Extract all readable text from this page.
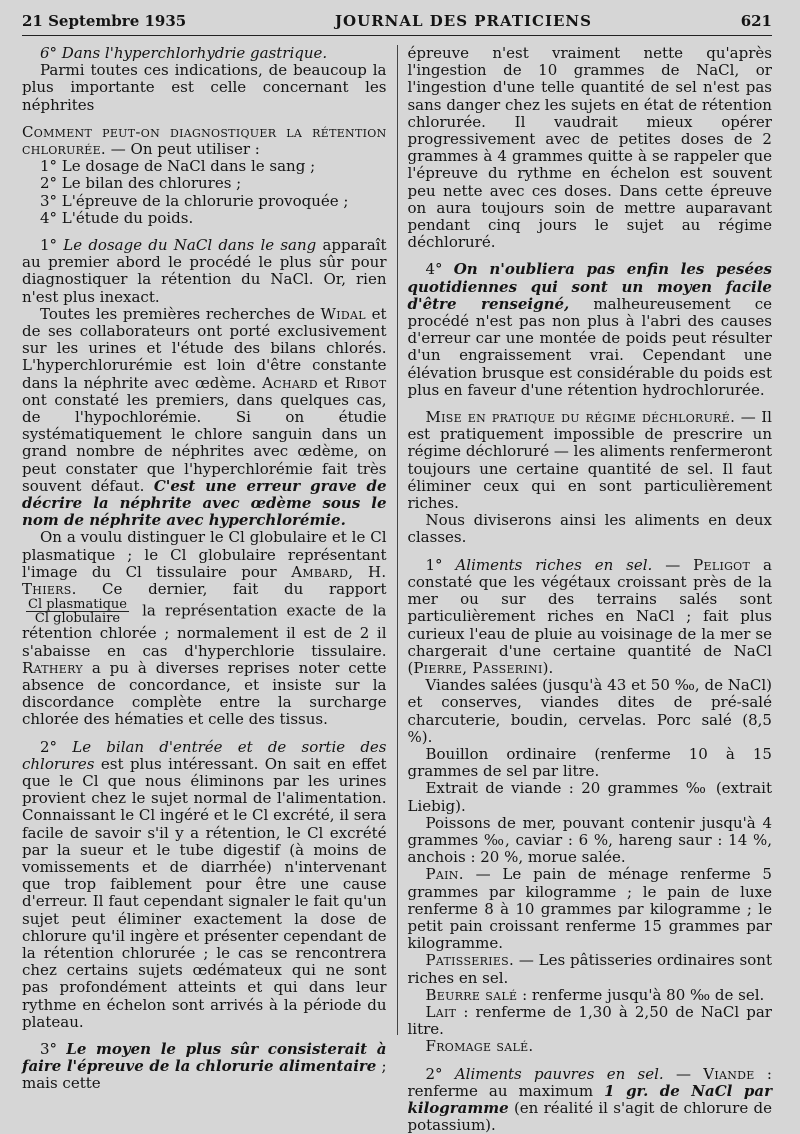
21 Septembre 1935	JOURNAL DES PRATICIENS	621

6° Dans l'hyperchlorhydrie gastrique.

Parmi toutes ces indications, de beaucoup la plus importante est celle concernant les néphrites

Comment peut-on diagnostiquer la rétention chlorurée. — On peut utiliser :

1° Le dosage de NaCl dans le sang ;

2° Le bilan des chlorures ;

3° L'épreuve de la chlorurie provoquée ;

4° L'étude du poids.

1° Le dosage du NaCl dans le sang apparaît au premier abord le procédé le plus sûr pour diagnostiquer la rétention du NaCl. Or, rien n'est plus inexact.

Toutes les premières recherches de Widal et de ses collaborateurs ont porté exclusivement sur les urines et l'étude des bilans chlorés. L'hyperchlorurémie est loin d'être constante dans la néphrite avec œdème. Achard et Ribot ont constaté les premiers, dans quelques cas, de l'hypochlorémie. Si on étudie systématiquement le chlore sanguin dans un grand nombre de néphrites avec œdème, on peut constater que l'hyperchlorémie fait très souvent défaut. C'est une erreur grave de décrire la néphrite avec œdème sous le nom de néphrite avec hyperchlorémie.

On a voulu distinguer le Cl globulaire et le Cl plasmatique ; le Cl globulaire représentant l'image du Cl tissulaire pour Ambard, H. Thiers. Ce dernier, fait du rapport
$\frac{\text{Cl plasmatique}}{\text{Cl globulaire}}$ la représentation exacte de la rétention chlorée ; normalement il est de 2 il s'abaisse en cas d'hyperchlorie tissulaire. Rathery a pu à diverses reprises noter cette absence de concordance, et insiste sur la discordance complète entre la surcharge chlorée des hématies et celle des tissus.

2° Le bilan d'entrée et de sortie des chlorures est plus intéressant. On sait en effet que le Cl que nous éliminons par les urines provient chez le sujet normal de l'alimentation. Connaissant le Cl ingéré et le Cl excrété, il sera facile de savoir s'il y a rétention, le Cl excrété par la sueur et le tube digestif (à moins de vomissements et de diarrhée) n'intervenant que trop faiblement pour être une cause d'erreur. Il faut cependant signaler le fait qu'un sujet peut éliminer exactement la dose de chlorure qu'il ingère et présenter cependant de la rétention chlorurée ; le cas se rencontrera chez certains sujets œdémateux qui ne sont pas profondément atteints et qui dans leur rythme en échelon sont arrivés à la période du plateau.

3° Le moyen le plus sûr consisterait à faire l'épreuve de la chlorurie alimentaire ; mais cette

épreuve n'est vraiment nette qu'après l'ingestion de 10 grammes de NaCl, or l'ingestion d'une telle quantité de sel n'est pas sans danger chez les sujets en état de rétention chlorurée. Il vaudrait mieux opérer progressivement avec de petites doses de 2 grammes à 4 grammes quitte à se rappeler que l'épreuve du rythme en échelon est souvent peu nette avec ces doses. Dans cette épreuve on aura toujours soin de mettre auparavant pendant cinq jours le sujet au régime déchloruré.

4° On n'oubliera pas enfin les pesées quotidiennes qui sont un moyen facile d'être renseigné, malheureusement ce procédé n'est pas non plus à l'abri des causes d'erreur car une montée de poids peut résulter d'un engraissement vrai. Cependant une élévation brusque est considérable du poids est plus en faveur d'une rétention hydrochlorurée.

Mise en pratique du régime déchloruré. — Il est pratiquement impossible de prescrire un régime déchloruré — les aliments renfermeront toujours une certaine quantité de sel. Il faut éliminer ceux qui en sont particulièrement riches.

Nous diviserons ainsi les aliments en deux classes.

1° Aliments riches en sel. — Peligot a constaté que les végétaux croissant près de la mer ou sur des terrains salés sont particulièrement riches en NaCl ; fait plus curieux l'eau de pluie au voisinage de la mer se chargerait d'une certaine quantité de NaCl (Pierre, Passerini).

Viandes salées (jusqu'à 43 et 50 ‰, de NaCl) et conserves, viandes dites de pré-salé charcuterie, boudin, cervelas. Porc salé (8,5 %).

Bouillon ordinaire (renferme 10 à 15 grammes de sel par litre.

Extrait de viande : 20 grammes ‰ (extrait Liebig).

Poissons de mer, pouvant contenir jusqu'à 4 grammes ‰, caviar : 6 %, hareng saur : 14 %, anchois : 20 %, morue salée.

Pain. — Le pain de ménage renferme 5 grammes par kilogramme ; le pain de luxe renferme 8 à 10 grammes par kilogramme ; le petit pain croissant renferme 15 grammes par kilogramme.

Patisseries. — Les pâtisseries ordinaires sont riches en sel.

Beurre salé : renferme jusqu'à 80 ‰ de sel.

Lait : renferme de 1,30 à 2,50 de NaCl par litre.

Fromage salé.

2° Aliments pauvres en sel. — Viande : renferme au maximum 1 gr. de NaCl par kilogramme (en réalité il s'agit de chlorure de potassium).
